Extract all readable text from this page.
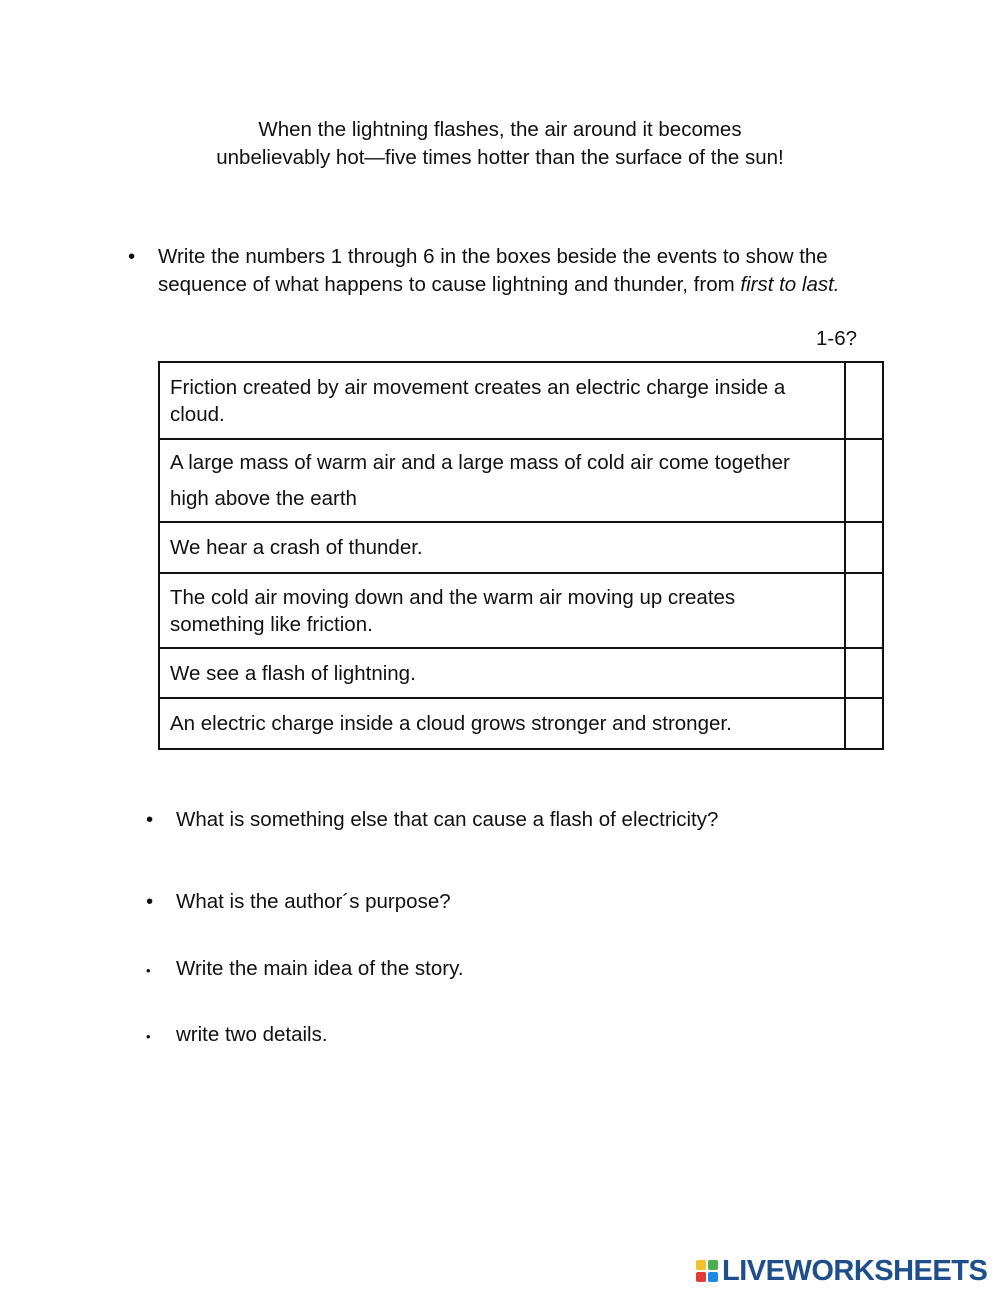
When the lightning flashes, the air around it becomes
unbelievably hot—five times hotter than the surface of the sun!
• Write the numbers 1 through 6 in the boxes beside the events to show the sequence of what happens to cause lightning and thunder, from first to last.
1-6?
Friction created by air movement creates an electric charge inside a cloud.	
A large mass of warm air and a large mass of cold air come together high above the earth	
We hear a crash of thunder.	
The cold air moving down and the warm air moving up creates something like friction.	
We see a flash of lightning.	
An electric charge inside a cloud grows stronger and stronger.	
• What is something else that can cause a flash of electricity?
• What is the author´s purpose?
• Write the main idea of the story.
• write two details.
LIVEWORKSHEETS
